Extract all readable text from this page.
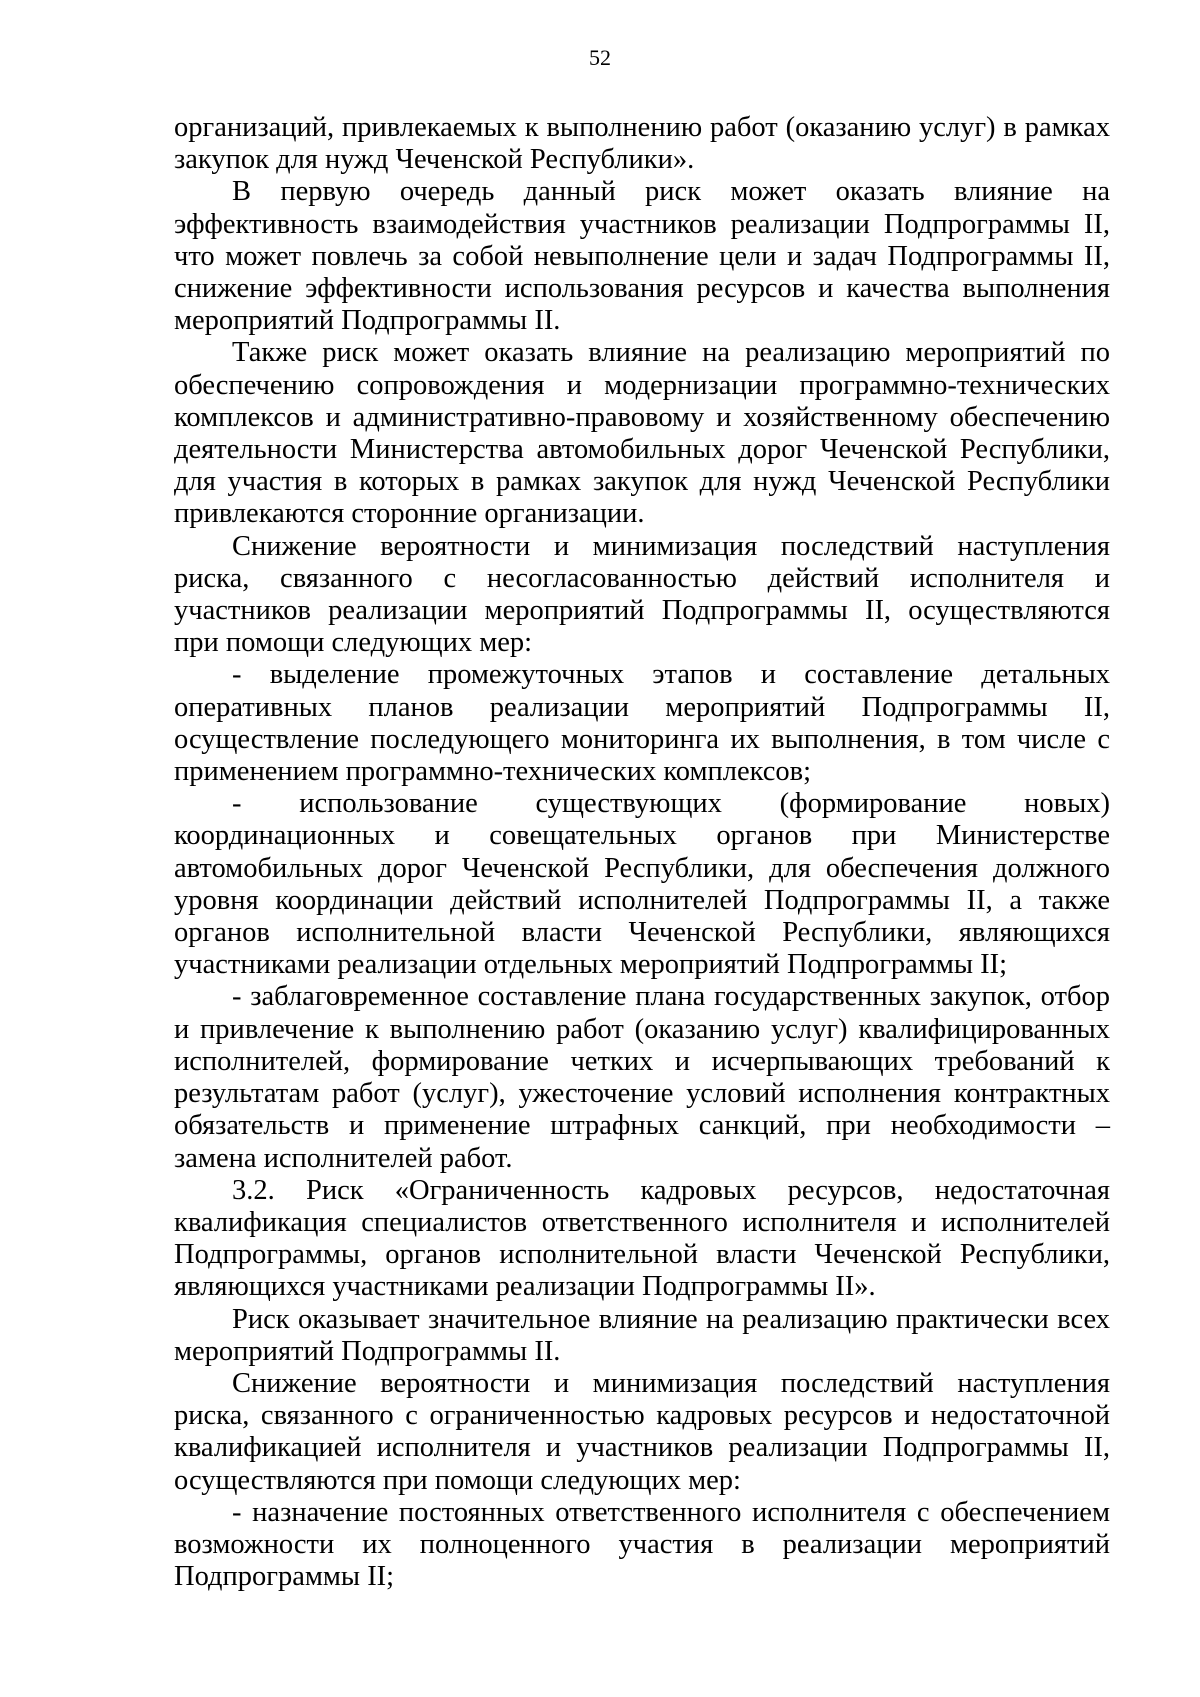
52

организаций, привлекаемых к выполнению работ (оказанию услуг) в рамках закупок для нужд Чеченской Республики».

В первую очередь данный риск может оказать влияние на эффективность взаимодействия участников реализации Подпрограммы II, что может повлечь за собой невыполнение цели и задач Подпрограммы II, снижение эффективности использования ресурсов и качества выполнения мероприятий Подпрограммы II.

Также риск может оказать влияние на реализацию мероприятий по обеспечению сопровождения и модернизации программно-технических комплексов и административно-правовому и хозяйственному обеспечению деятельности Министерства автомобильных дорог Чеченской Республики, для участия в которых в рамках закупок для нужд Чеченской Республики привлекаются сторонние организации.

Снижение вероятности и минимизация последствий наступления риска, связанного с несогласованностью действий исполнителя и участников реализации мероприятий Подпрограммы II, осуществляются при помощи следующих мер:

- выделение промежуточных этапов и составление детальных оперативных планов реализации мероприятий Подпрограммы II, осуществление последующего мониторинга их выполнения, в том числе с применением программно-технических комплексов;

- использование существующих (формирование новых) координационных и совещательных органов при Министерстве автомобильных дорог Чеченской Республики, для обеспечения должного уровня координации действий исполнителей Подпрограммы II, а также органов исполнительной власти Чеченской Республики, являющихся участниками реализации отдельных мероприятий Подпрограммы II;

- заблаговременное составление плана государственных закупок, отбор и привлечение к выполнению работ (оказанию услуг) квалифицированных исполнителей, формирование четких и исчерпывающих требований к результатам работ (услуг), ужесточение условий исполнения контрактных обязательств и применение штрафных санкций, при необходимости – замена исполнителей работ.

3.2. Риск «Ограниченность кадровых ресурсов, недостаточная квалификация специалистов ответственного исполнителя и исполнителей Подпрограммы, органов исполнительной власти Чеченской Республики, являющихся участниками реализации Подпрограммы II».

Риск оказывает значительное влияние на реализацию практически всех мероприятий Подпрограммы II.

Снижение вероятности и минимизация последствий наступления риска, связанного с ограниченностью кадровых ресурсов и недостаточной квалификацией исполнителя и участников реализации Подпрограммы II, осуществляются при помощи следующих мер:

- назначение постоянных ответственного исполнителя с обеспечением возможности их полноценного участия в реализации мероприятий Подпрограммы II;
